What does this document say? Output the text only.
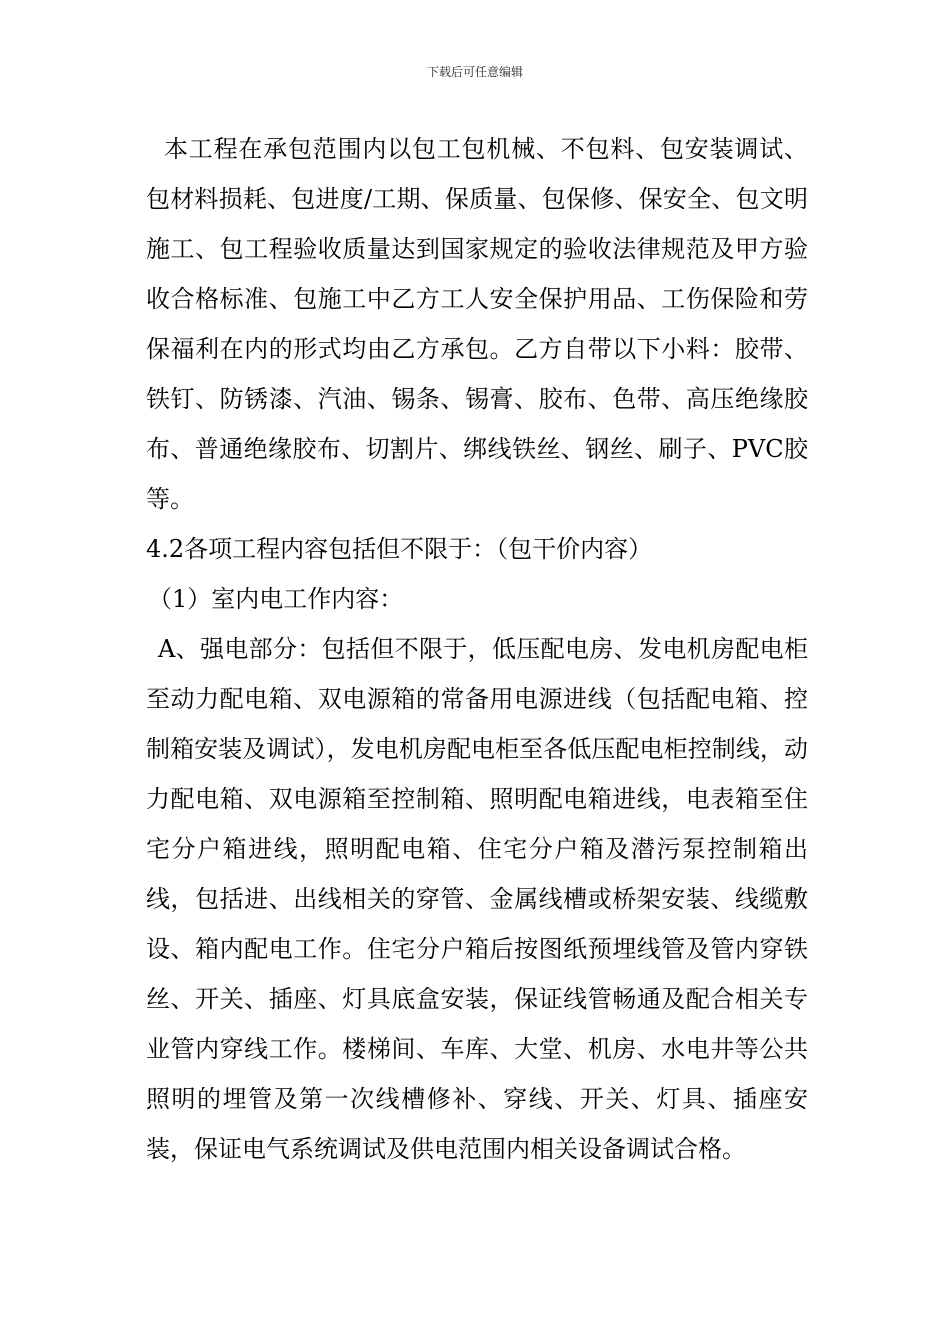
下载后可任意编辑

本工程在承包范围内以包工包机械、不包料、包安装调试、包材料损耗、包进度/工期、保质量、包保修、保安全、包文明施工、包工程验收质量达到国家规定的验收法律规范及甲方验收合格标准、包施工中乙方工人安全保护用品、工伤保险和劳保福利在内的形式均由乙方承包。乙方自带以下小料：胶带、铁钉、防锈漆、汽油、锡条、锡膏、胶布、色带、高压绝缘胶布、普通绝缘胶布、切割片、绑线铁丝、钢丝、刷子、PVC胶等。

4.2各项工程内容包括但不限于：（包干价内容）

（1）室内电工作内容：

A、强电部分：包括但不限于，低压配电房、发电机房配电柜至动力配电箱、双电源箱的常备用电源进线（包括配电箱、控制箱安装及调试），发电机房配电柜至各低压配电柜控制线，动力配电箱、双电源箱至控制箱、照明配电箱进线，电表箱至住宅分户箱进线，照明配电箱、住宅分户箱及潜污泵控制箱出线，包括进、出线相关的穿管、金属线槽或桥架安装、线缆敷设、箱内配电工作。住宅分户箱后按图纸预埋线管及管内穿铁丝、开关、插座、灯具底盒安装，保证线管畅通及配合相关专业管内穿线工作。楼梯间、车库、大堂、机房、水电井等公共照明的埋管及第一次线槽修补、穿线、开关、灯具、插座安装，保证电气系统调试及供电范围内相关设备调试合格。
